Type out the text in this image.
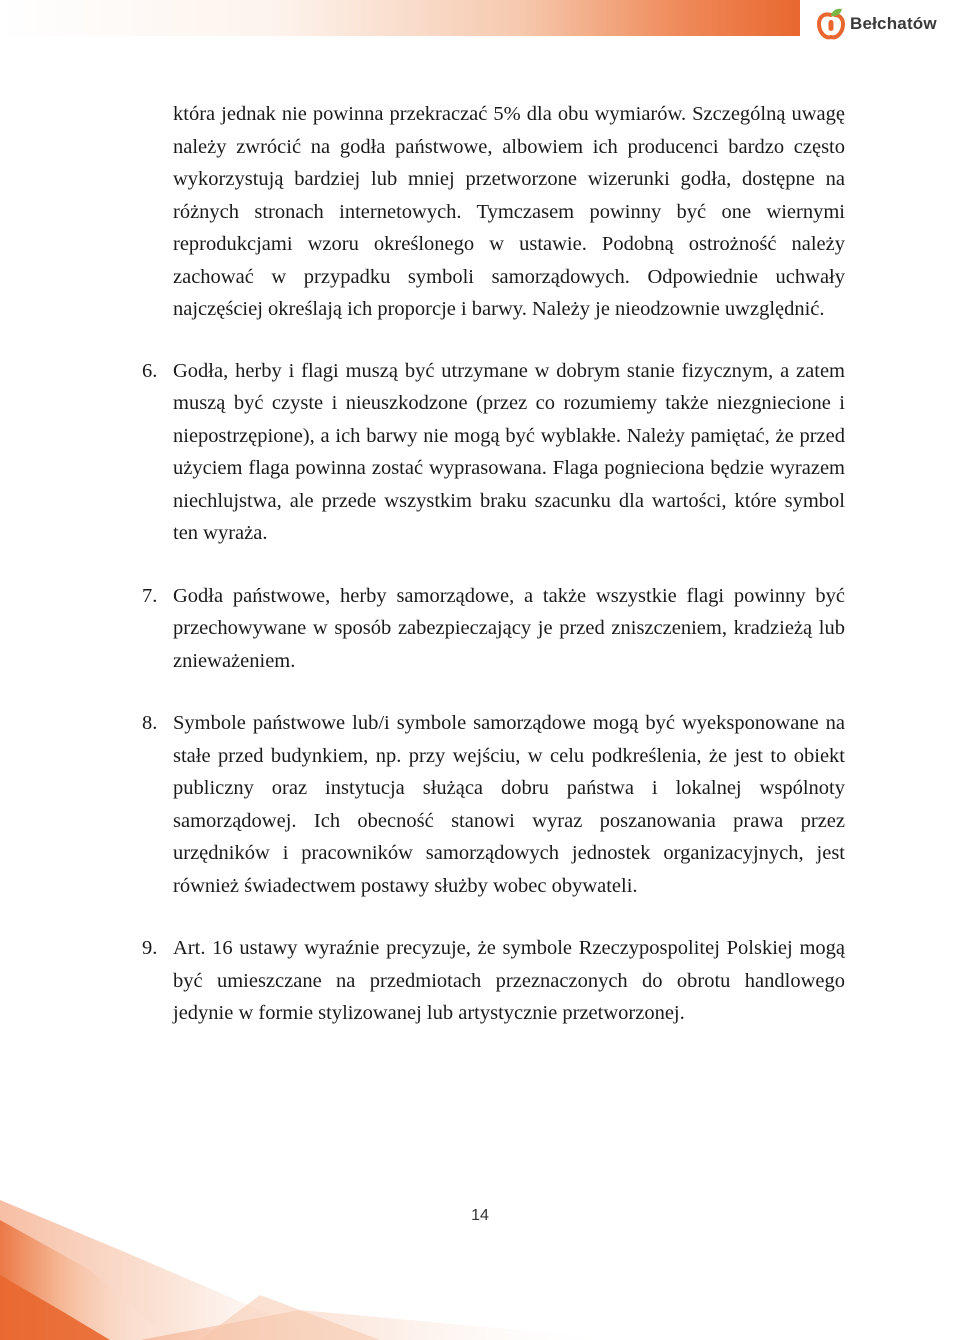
Bełchatów

która jednak nie powinna przekraczać 5% dla obu wymiarów. Szczególną uwagę należy zwrócić na godła państwowe, albowiem ich producenci bardzo często wykorzystują bardziej lub mniej przetworzone wizerunki godła, dostępne na różnych stronach internetowych. Tymczasem powinny być one wiernymi reprodukcjami wzoru określonego w ustawie. Podobną ostrożność należy zachować w przypadku symboli samorządowych. Odpowiednie uchwały najczęściej określają ich proporcje i barwy. Należy je nieodzownie uwzględnić.

6. Godła, herby i flagi muszą być utrzymane w dobrym stanie fizycznym, a zatem muszą być czyste i nieuszkodzone (przez co rozumiemy także niezgniecione i niepostrzępione), a ich barwy nie mogą być wyblakłe. Należy pamiętać, że przed użyciem flaga powinna zostać wyprasowana. Flaga pognieciona będzie wyrazem niechlujstwa, ale przede wszystkim braku szacunku dla wartości, które symbol ten wyraża.
7. Godła państwowe, herby samorządowe, a także wszystkie flagi powinny być przechowywane w sposób zabezpieczający je przed zniszczeniem, kradzieżą lub znieważeniem.
8. Symbole państwowe lub/i symbole samorządowe mogą być wyeksponowane na stałe przed budynkiem, np. przy wejściu, w celu podkreślenia, że jest to obiekt publiczny oraz instytucja służąca dobru państwa i lokalnej wspólnoty samorządowej. Ich obecność stanowi wyraz poszanowania prawa przez urzędników i pracowników samorządowych jednostek organizacyjnych, jest również świadectwem postawy służby wobec obywateli.
9. Art. 16 ustawy wyraźnie precyzuje, że symbole Rzeczypospolitej Polskiej mogą być umieszczane na przedmiotach przeznaczonych do obrotu handlowego jedynie w formie stylizowanej lub artystycznie przetworzonej.
14
